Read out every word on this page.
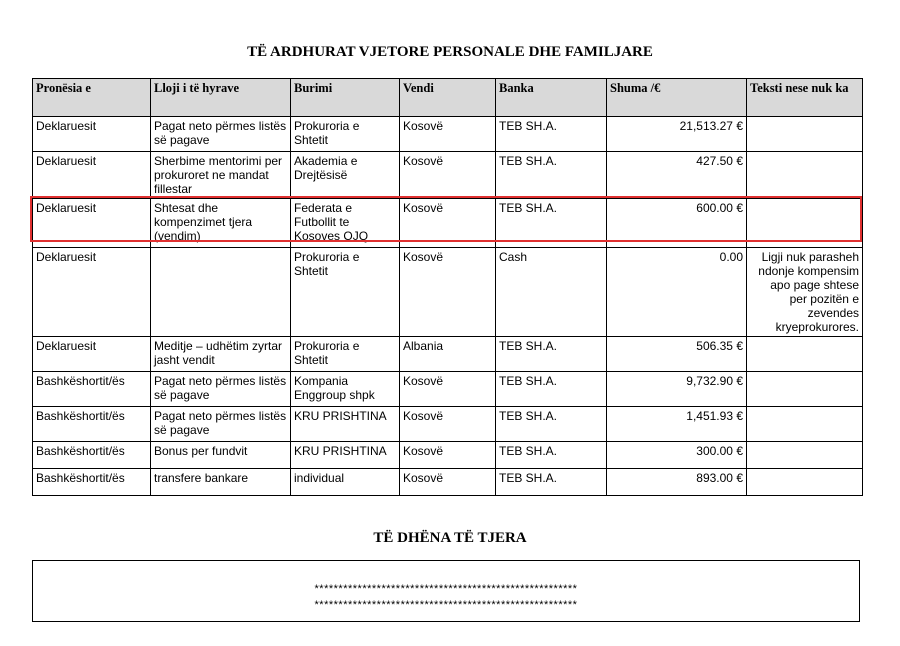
TË ARDHURAT VJETORE PERSONALE DHE FAMILJARE
Pronësia e	Lloji i të hyrave	Burimi	Vendi	Banka	Shuma /€	Teksti nese nuk ka
Deklaruesit	Pagat neto përmes listës së pagave	Prokuroria e Shtetit	Kosovë	TEB SH.A.	21,513.27 €	
Deklaruesit	Sherbime mentorimi per prokuroret ne mandat fillestar	Akademia e Drejtësisë	Kosovë	TEB SH.A.	427.50 €	
Deklaruesit	Shtesat dhe kompenzimet tjera (vendim)	Federata e Futbollit te Kosoves OJQ	Kosovë	TEB SH.A.	600.00 €	
Deklaruesit		Prokuroria e Shtetit	Kosovë	Cash	0.00	Ligji nuk parasheh ndonje kompensim apo page shtese per pozitën e zevendes kryeprokurores.
Deklaruesit	Meditje – udhëtim zyrtar jasht vendit	Prokuroria e Shtetit	Albania	TEB SH.A.	506.35 €	
Bashkëshortit/ës	Pagat neto përmes listës së pagave	Kompania Enggroup shpk	Kosovë	TEB SH.A.	9,732.90 €	
Bashkëshortit/ës	Pagat neto përmes listës së pagave	KRU PRISHTINA	Kosovë	TEB SH.A.	1,451.93 €	
Bashkëshortit/ës	Bonus per fundvit	KRU PRISHTINA	Kosovë	TEB SH.A.	300.00 €	
Bashkëshortit/ës	transfere bankare	individual	Kosovë	TEB SH.A.	893.00 €	
TË DHËNA TË TJERA
*******************************************************
*******************************************************
